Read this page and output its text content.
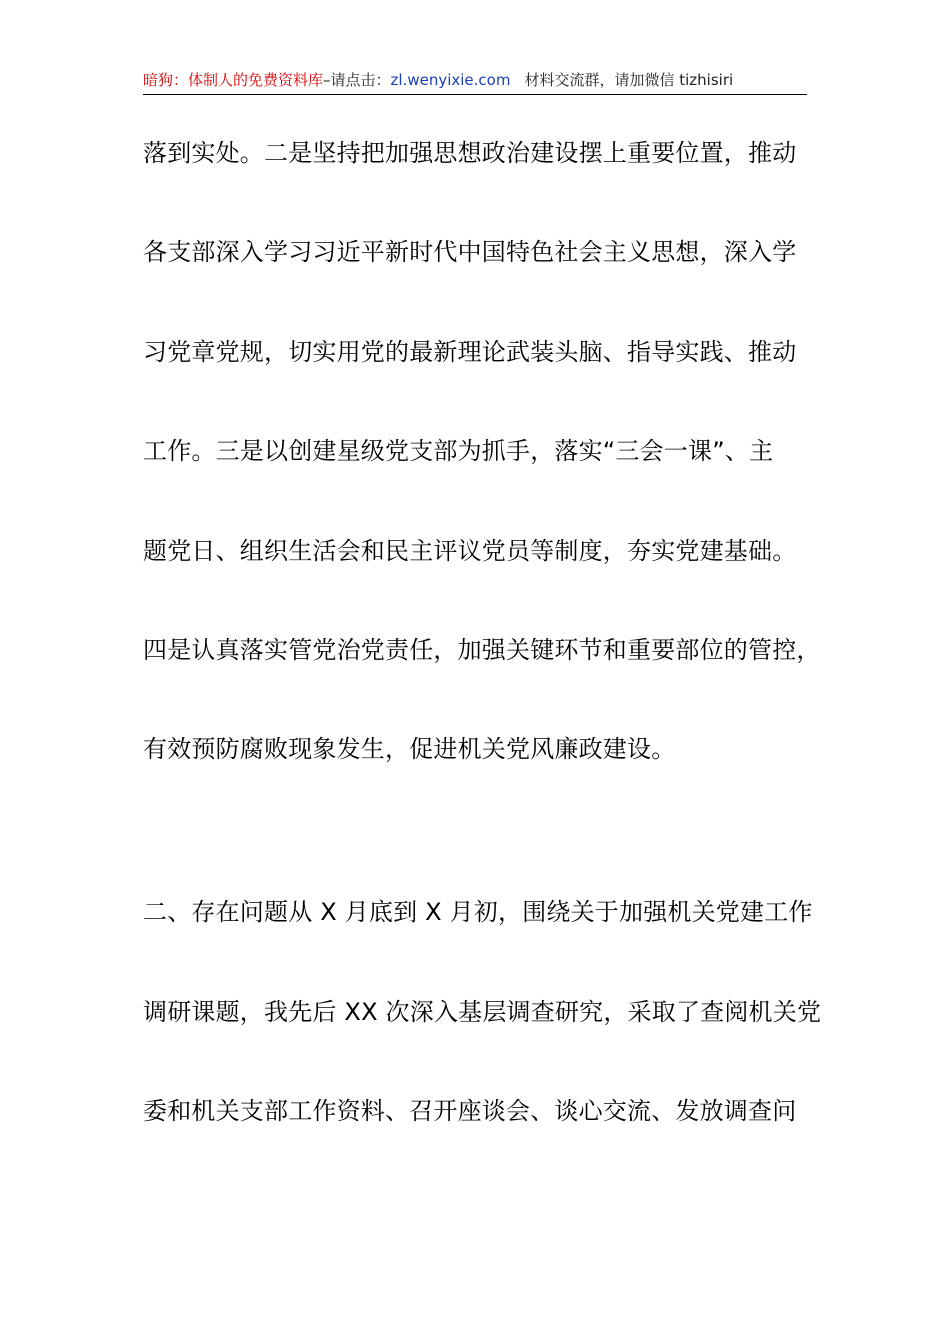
暗狗：体制人的免费资料库–请点击：zl.wenyixie.com 材料交流群，请加微信 tizhisiri
落到实处。二是坚持把加强思想政治建设摆上重要位置，推动
各支部深入学习习近平新时代中国特色社会主义思想，深入学
习党章党规，切实用党的最新理论武装头脑、指导实践、推动
工作。三是以创建星级党支部为抓手，落实“三会一课”、主
题党日、组织生活会和民主评议党员等制度，夯实党建基础。
四是认真落实管党治党责任，加强关键环节和重要部位的管控，
有效预防腐败现象发生，促进机关党风廉政建设。
二、存在问题从 X 月底到 X 月初，围绕关于加强机关党建工作
调研课题，我先后 XX 次深入基层调查研究，采取了查阅机关党
委和机关支部工作资料、召开座谈会、谈心交流、发放调查问
